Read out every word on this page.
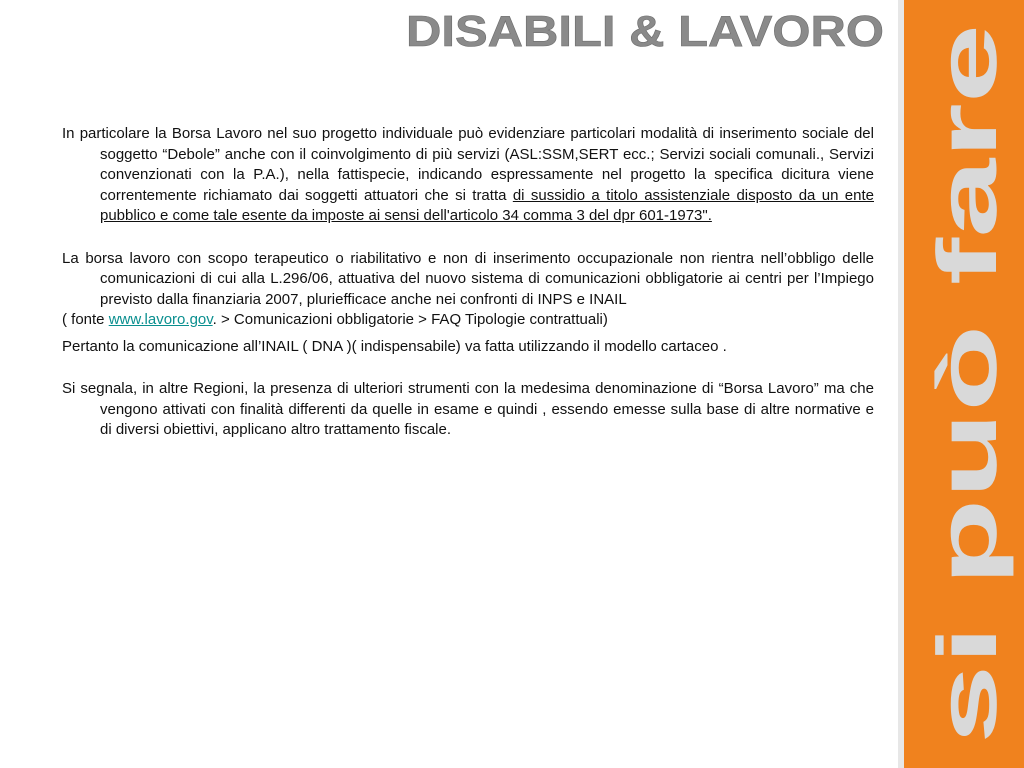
DISABILI & LAVORO
si può fare

In particolare la Borsa Lavoro nel suo progetto individuale può evidenziare particolari modalità di inserimento sociale del soggetto “Debole” anche con il coinvolgimento di più servizi (ASL:SSM,SERT ecc.; Servizi sociali comunali., Servizi convenzionati con la P.A.), nella fattispecie, indicando espressamente nel progetto la specifica dicitura viene correntemente richiamato dai soggetti attuatori che si tratta di sussidio a titolo assistenziale disposto da un ente pubblico e come tale esente da imposte ai sensi dell'articolo 34 comma 3 del dpr 601-1973".

La borsa lavoro con scopo terapeutico o riabilitativo e non di inserimento occupazionale non rientra nell’obbligo delle comunicazioni di cui alla L.296/06, attuativa del nuovo sistema di comunicazioni obbligatorie ai centri per l’Impiego previsto dalla finanziaria 2007, pluriefficace anche nei confronti di INPS e INAIL

( fonte www.lavoro.gov. > Comunicazioni obbligatorie > FAQ Tipologie contrattuali)

Pertanto la comunicazione all’INAIL ( DNA )( indispensabile) va fatta utilizzando il modello cartaceo .

Si segnala, in altre Regioni, la presenza di ulteriori strumenti con la medesima denominazione di “Borsa Lavoro” ma che vengono attivati con finalità differenti da quelle in esame e quindi , essendo emesse sulla base di altre normative e di diversi obiettivi, applicano altro trattamento fiscale.
